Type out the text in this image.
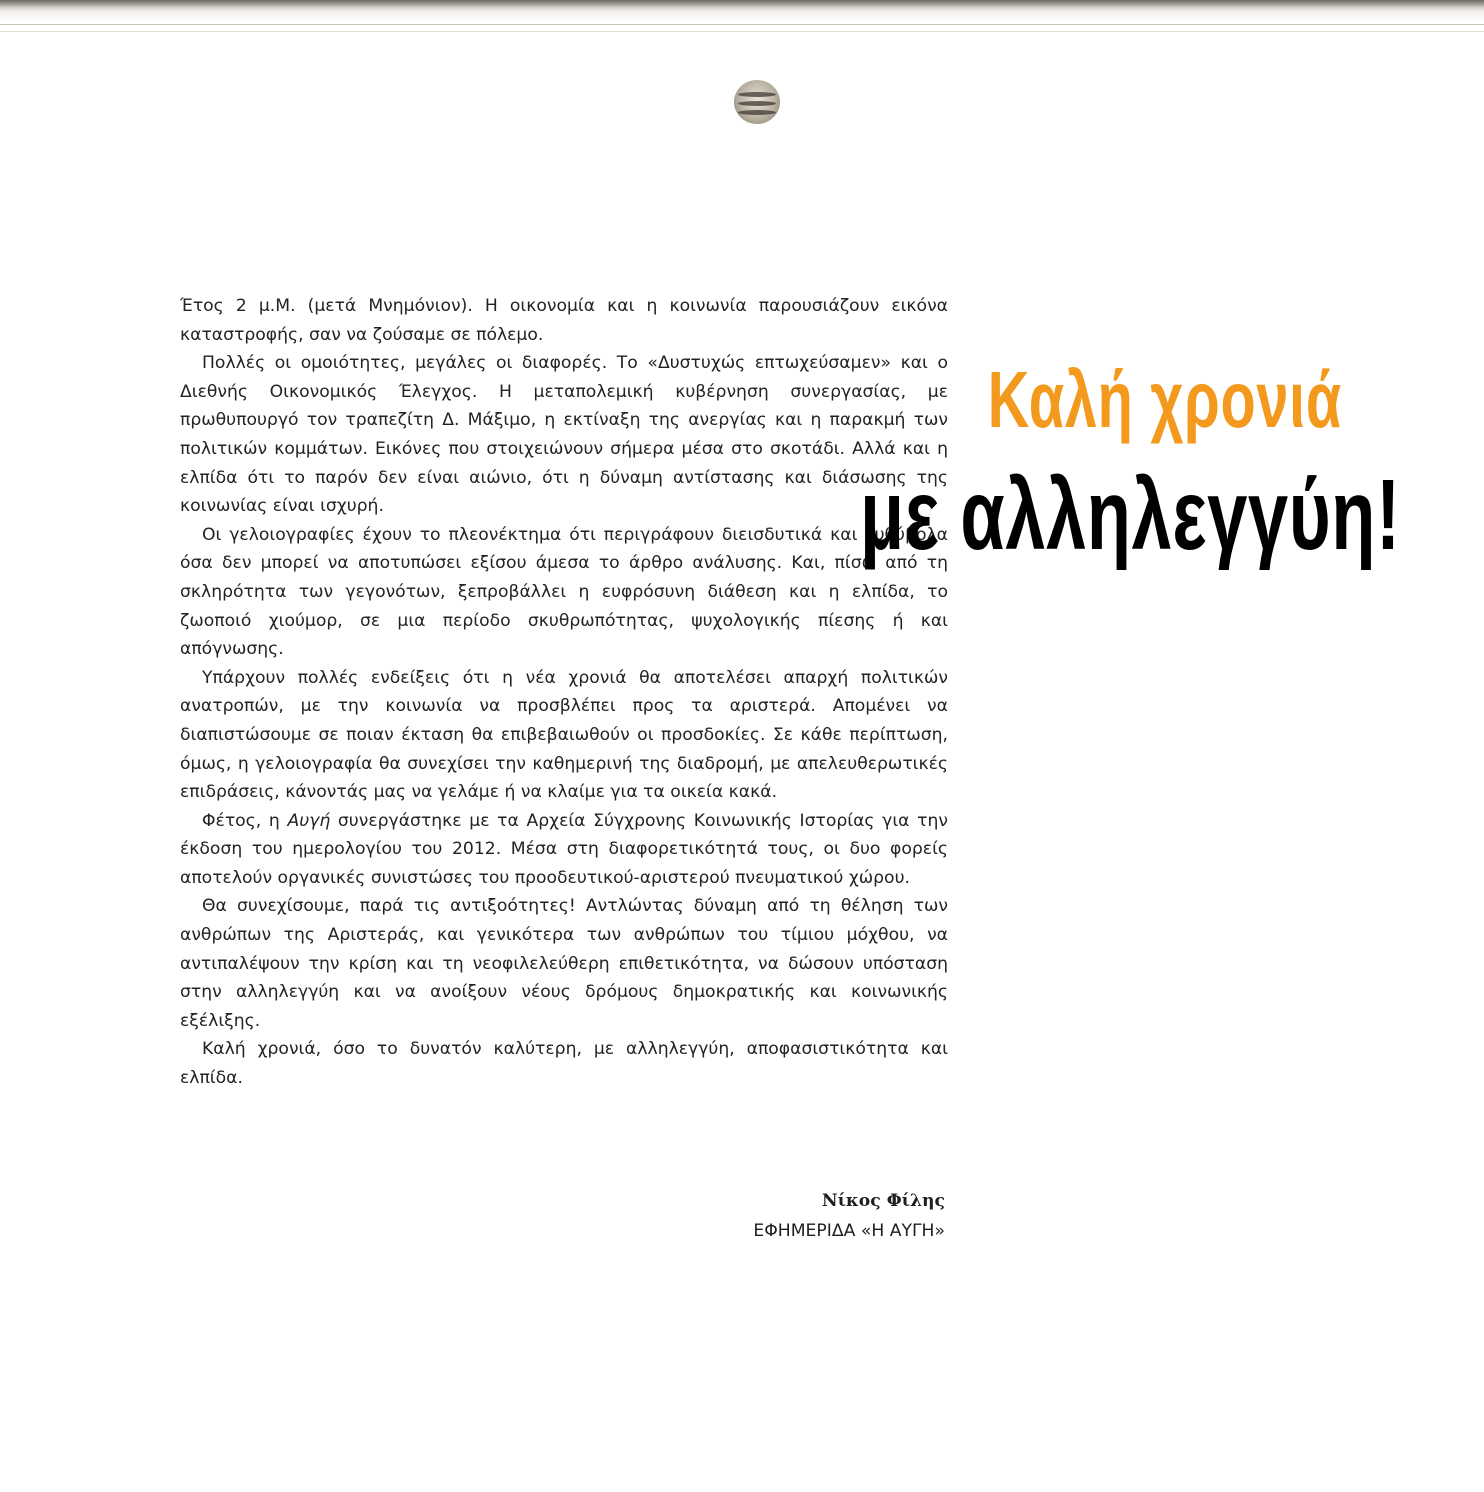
Έτος 2 μ.Μ. (μετά Μνημόνιον). Η οικονομία και η κοινωνία παρουσιάζουν εικόνα καταστροφής, σαν να ζούσαμε σε πόλεμο.

Πολλές οι ομοιότητες, μεγάλες οι διαφορές. Το «Δυστυχώς επτωχεύσαμεν» και ο Διεθνής Οικονομικός Έλεγχος. Η μεταπολεμική κυβέρνηση συνεργασίας, με πρωθυπουργό τον τραπεζίτη Δ. Μάξιμο, η εκτίναξη της ανεργίας και η παρακμή των πολιτικών κομμάτων. Εικόνες που στοιχειώνουν σήμερα μέσα στο σκοτάδι. Αλλά και η ελπίδα ότι το παρόν δεν είναι αιώνιο, ότι η δύναμη αντίστασης και διάσωσης της κοινωνίας είναι ισχυρή.

Οι γελοιογραφίες έχουν το πλεονέκτημα ότι περιγράφουν διεισδυτικά και ευθύβολα όσα δεν μπορεί να αποτυπώσει εξίσου άμεσα το άρθρο ανάλυσης. Και, πίσω από τη σκληρότητα των γεγονότων, ξεπροβάλλει η ευφρόσυνη διάθεση και η ελπίδα, το ζωοποιό χιούμορ, σε μια περίοδο σκυθρωπότητας, ψυχολογικής πίεσης ή και απόγνωσης.

Υπάρχουν πολλές ενδείξεις ότι η νέα χρονιά θα αποτελέσει απαρχή πολιτικών ανατροπών, με την κοινωνία να προσβλέπει προς τα αριστερά. Απομένει να διαπιστώσουμε σε ποιαν έκταση θα επιβεβαιωθούν οι προσδοκίες. Σε κάθε περίπτωση, όμως, η γελοιογραφία θα συνεχίσει την καθημερινή της διαδρομή, με απελευθερωτικές επιδράσεις, κάνοντάς μας να γελάμε ή να κλαίμε για τα οικεία κακά.

Φέτος, η Αυγή συνεργάστηκε με τα Αρχεία Σύγχρονης Κοινωνικής Ιστορίας για την έκδοση του ημερολογίου του 2012. Μέσα στη διαφορετικότητά τους, οι δυο φορείς αποτελούν οργανικές συνιστώσες του προοδευτικού-αριστερού πνευματικού χώρου.

Θα συνεχίσουμε, παρά τις αντιξοότητες! Αντλώντας δύναμη από τη θέληση των ανθρώπων της Αριστεράς, και γενικότερα των ανθρώπων του τίμιου μόχθου, να αντιπαλέψουν την κρίση και τη νεοφιλελεύθερη επιθετικότητα, να δώσουν υπόσταση στην αλληλεγγύη και να ανοίξουν νέους δρόμους δημοκρατικής και κοινωνικής εξέλιξης.

Καλή χρονιά, όσο το δυνατόν καλύτερη, με αλληλεγγύη, αποφασιστικότητα και ελπίδα.

Καλή χρονιά
με αλληλεγγύη!
Νίκος Φίλης
ΕΦΗΜΕΡΙΔΑ «Η ΑΥΓΗ»
